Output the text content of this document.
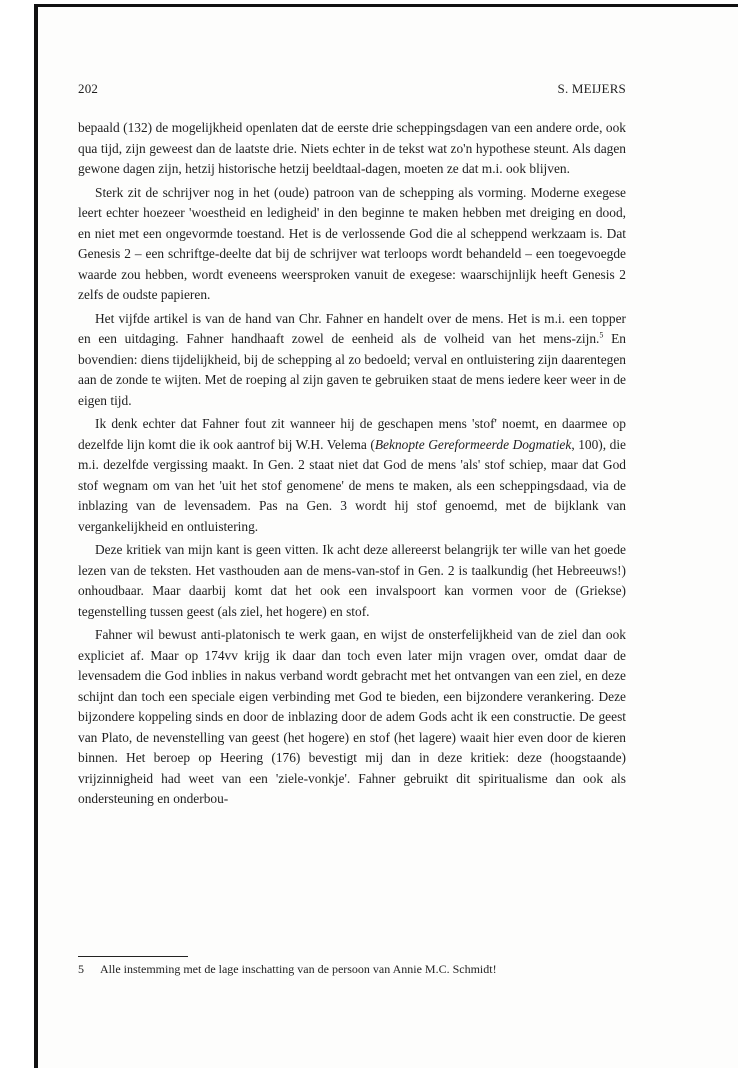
202	S. MEIJERS

bepaald (132) de mogelijkheid openlaten dat de eerste drie scheppingsdagen van een andere orde, ook qua tijd, zijn geweest dan de laatste drie. Niets echter in de tekst wat zo'n hypothese steunt. Als dagen gewone dagen zijn, hetzij historische hetzij beeldtaal-dagen, moeten ze dat m.i. ook blijven.

Sterk zit de schrijver nog in het (oude) patroon van de schepping als vorming. Moderne exegese leert echter hoezeer 'woestheid en ledigheid' in den beginne te maken hebben met dreiging en dood, en niet met een ongevormde toestand. Het is de verlossende God die al scheppend werkzaam is. Dat Genesis 2 – een schriftge-deelte dat bij de schrijver wat terloops wordt behandeld – een toegevoegde waarde zou hebben, wordt eveneens weersproken vanuit de exegese: waarschijnlijk heeft Genesis 2 zelfs de oudste papieren.

Het vijfde artikel is van de hand van Chr. Fahner en handelt over de mens. Het is m.i. een topper en een uitdaging. Fahner handhaaft zowel de eenheid als de volheid van het mens-zijn.$^5$ En bovendien: diens tijdelijkheid, bij de schepping al zo bedoeld; verval en ontluistering zijn daarentegen aan de zonde te wijten. Met de roeping al zijn gaven te gebruiken staat de mens iedere keer weer in de eigen tijd.

Ik denk echter dat Fahner fout zit wanneer hij de geschapen mens 'stof' noemt, en daarmee op dezelfde lijn komt die ik ook aantrof bij W.H. Velema (Beknopte Gereformeerde Dogmatiek, 100), die m.i. dezelfde vergissing maakt. In Gen. 2 staat niet dat God de mens 'als' stof schiep, maar dat God stof wegnam om van het 'uit het stof genomene' de mens te maken, als een scheppingsdaad, via de inblazing van de levensadem. Pas na Gen. 3 wordt hij stof genoemd, met de bijklank van vergankelijkheid en ontluistering.

Deze kritiek van mijn kant is geen vitten. Ik acht deze allereerst belangrijk ter wille van het goede lezen van de teksten. Het vasthouden aan de mens-van-stof in Gen. 2 is taalkundig (het Hebreeuws!) onhoudbaar. Maar daarbij komt dat het ook een invalspoort kan vormen voor de (Griekse) tegenstelling tussen geest (als ziel, het hogere) en stof.

Fahner wil bewust anti-platonisch te werk gaan, en wijst de onsterfelijkheid van de ziel dan ook expliciet af. Maar op 174vv krijg ik daar dan toch even later mijn vragen over, omdat daar de levensadem die God inblies in nakus verband wordt gebracht met het ontvangen van een ziel, en deze schijnt dan toch een speciale eigen verbinding met God te bieden, een bijzondere verankering. Deze bijzondere koppeling sinds en door de inblazing door de adem Gods acht ik een constructie. De geest van Plato, de nevenstelling van geest (het hogere) en stof (het lagere) waait hier even door de kieren binnen. Het beroep op Heering (176) bevestigt mij dan in deze kritiek: deze (hoogstaande) vrijzinnigheid had weet van een 'ziele-vonkje'. Fahner gebruikt dit spiritualisme dan ook als ondersteuning en onderbou-

5 Alle instemming met de lage inschatting van de persoon van Annie M.C. Schmidt!
